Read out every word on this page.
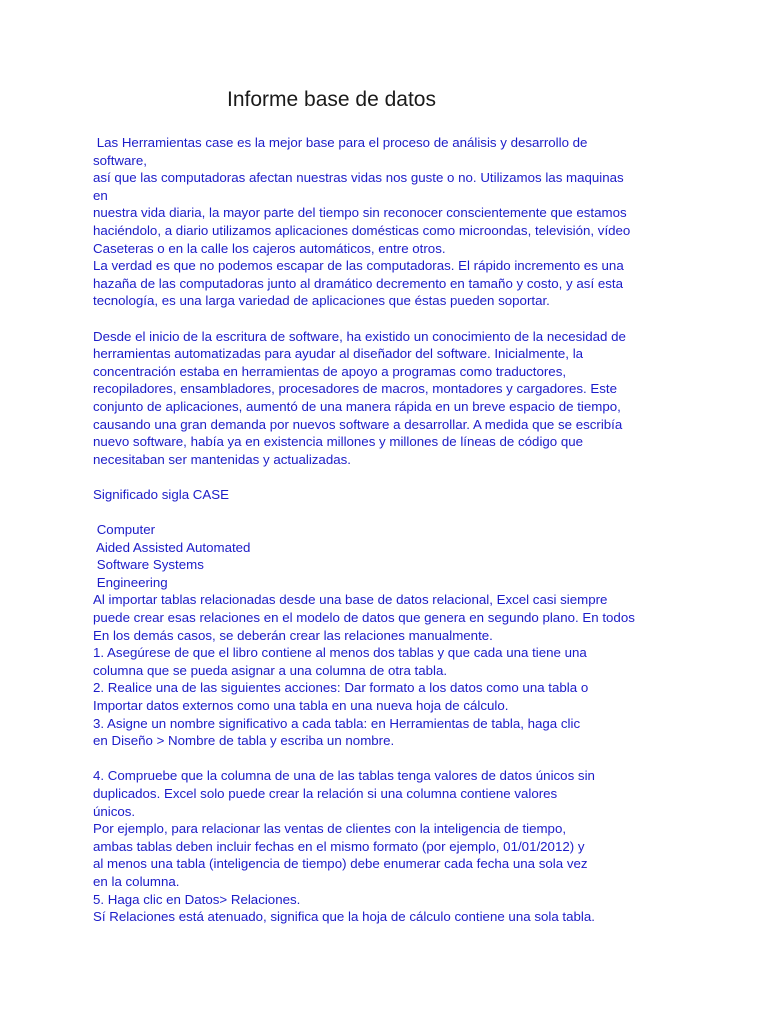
Informe base de datos
Las Herramientas case es la mejor base para el proceso de análisis y desarrollo de
software,
así que las computadoras afectan nuestras vidas nos guste o no. Utilizamos las maquinas
en
nuestra vida diaria, la mayor parte del tiempo sin reconocer conscientemente que estamos
haciéndolo, a diario utilizamos aplicaciones domésticas como microondas, televisión, vídeo
Caseteras o en la calle los cajeros automáticos, entre otros.
La verdad es que no podemos escapar de las computadoras. El rápido incremento es una
hazaña de las computadoras junto al dramático decremento en tamaño y costo, y así esta
tecnología, es una larga variedad de aplicaciones que éstas pueden soportar.
Desde el inicio de la escritura de software, ha existido un conocimiento de la necesidad de
herramientas automatizadas para ayudar al diseñador del software. Inicialmente, la
concentración estaba en herramientas de apoyo a programas como traductores,
recopiladores, ensambladores, procesadores de macros, montadores y cargadores. Este
conjunto de aplicaciones, aumentó de una manera rápida en un breve espacio de tiempo,
causando una gran demanda por nuevos software a desarrollar. A medida que se escribía
nuevo software, había ya en existencia millones y millones de líneas de código que
necesitaban ser mantenidas y actualizadas.
Significado sigla CASE
Computer
Aided Assisted Automated
Software Systems
Engineering
Al importar tablas relacionadas desde una base de datos relacional, Excel casi siempre
puede crear esas relaciones en el modelo de datos que genera en segundo plano. En todos
En los demás casos, se deberán crear las relaciones manualmente.
1. Asegúrese de que el libro contiene al menos dos tablas y que cada una tiene una
columna que se pueda asignar a una columna de otra tabla.
2. Realice una de las siguientes acciones: Dar formato a los datos como una tabla o
Importar datos externos como una tabla en una nueva hoja de cálculo.
3. Asigne un nombre significativo a cada tabla: en Herramientas de tabla, haga clic
en Diseño > Nombre de tabla y escriba un nombre.
4. Compruebe que la columna de una de las tablas tenga valores de datos únicos sin
duplicados. Excel solo puede crear la relación si una columna contiene valores
únicos.
Por ejemplo, para relacionar las ventas de clientes con la inteligencia de tiempo,
ambas tablas deben incluir fechas en el mismo formato (por ejemplo, 01/01/2012) y
al menos una tabla (inteligencia de tiempo) debe enumerar cada fecha una sola vez
en la columna.
5. Haga clic en Datos> Relaciones.
Sí Relaciones está atenuado, significa que la hoja de cálculo contiene una sola tabla.
